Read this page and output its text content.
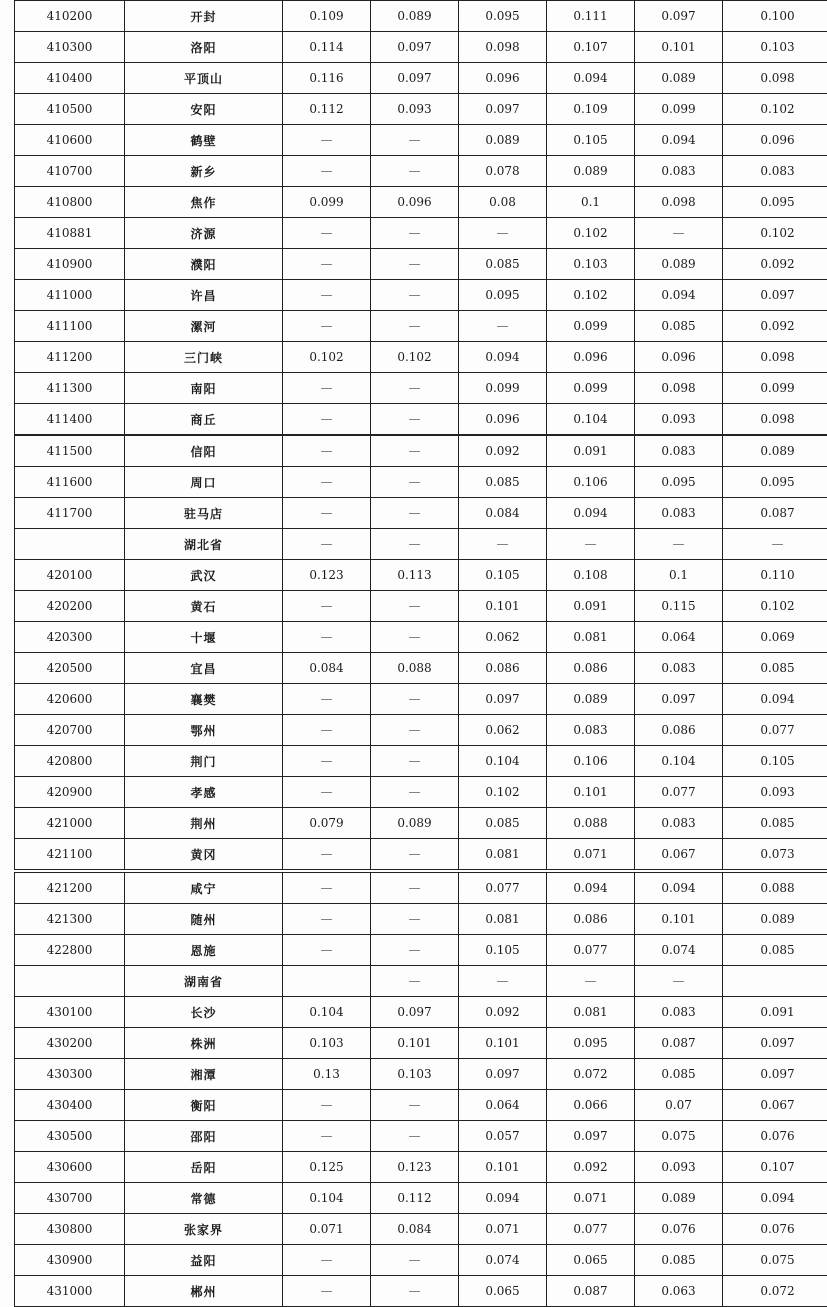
410200	开封	0.109	0.089	0.095	0.111	0.097	0.100
410300	洛阳	0.114	0.097	0.098	0.107	0.101	0.103
410400	平顶山	0.116	0.097	0.096	0.094	0.089	0.098
410500	安阳	0.112	0.093	0.097	0.109	0.099	0.102
410600	鹤壁	—	—	0.089	0.105	0.094	0.096
410700	新乡	—	—	0.078	0.089	0.083	0.083
410800	焦作	0.099	0.096	0.08	0.1	0.098	0.095
410881	济源	—	—	—	0.102	—	0.102
410900	濮阳	—	—	0.085	0.103	0.089	0.092
411000	许昌	—	—	0.095	0.102	0.094	0.097
411100	漯河	—	—	—	0.099	0.085	0.092
411200	三门峡	0.102	0.102	0.094	0.096	0.096	0.098
411300	南阳	—	—	0.099	0.099	0.098	0.099
411400	商丘	—	—	0.096	0.104	0.093	0.098
411500	信阳	—	—	0.092	0.091	0.083	0.089
411600	周口	—	—	0.085	0.106	0.095	0.095
411700	驻马店	—	—	0.084	0.094	0.083	0.087
	湖北省	—	—	—	—	—	—
420100	武汉	0.123	0.113	0.105	0.108	0.1	0.110
420200	黄石	—	—	0.101	0.091	0.115	0.102
420300	十堰	—	—	0.062	0.081	0.064	0.069
420500	宜昌	0.084	0.088	0.086	0.086	0.083	0.085
420600	襄樊	—	—	0.097	0.089	0.097	0.094
420700	鄂州	—	—	0.062	0.083	0.086	0.077
420800	荆门	—	—	0.104	0.106	0.104	0.105
420900	孝感	—	—	0.102	0.101	0.077	0.093
421000	荆州	0.079	0.089	0.085	0.088	0.083	0.085
421100	黄冈	—	—	0.081	0.071	0.067	0.073
421200	咸宁	—	—	0.077	0.094	0.094	0.088
421300	随州	—	—	0.081	0.086	0.101	0.089
422800	恩施	—	—	0.105	0.077	0.074	0.085
	湖南省		—	—	—	—	
430100	长沙	0.104	0.097	0.092	0.081	0.083	0.091
430200	株洲	0.103	0.101	0.101	0.095	0.087	0.097
430300	湘潭	0.13	0.103	0.097	0.072	0.085	0.097
430400	衡阳	—	—	0.064	0.066	0.07	0.067
430500	邵阳	—	—	0.057	0.097	0.075	0.076
430600	岳阳	0.125	0.123	0.101	0.092	0.093	0.107
430700	常德	0.104	0.112	0.094	0.071	0.089	0.094
430800	张家界	0.071	0.084	0.071	0.077	0.076	0.076
430900	益阳	—	—	0.074	0.065	0.085	0.075
431000	郴州	—	—	0.065	0.087	0.063	0.072
